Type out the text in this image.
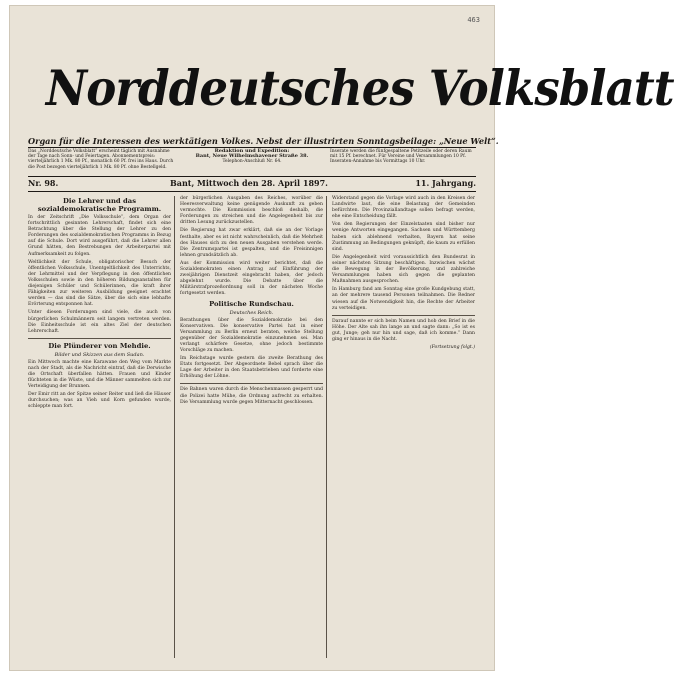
463
Norddeutsches Volksblatt
Organ für die Interessen des werktätigen Volkes. Nebst der illustrirten Sonntagsbeilage: „Neue Welt“.
Das „Norddeutsche Volksblatt“ erscheint täglich mit Ausnahme der Tage nach Sonn- und Feiertagen. Abonnementspreis: vierteljährlich 1 Mk. 80 Pf., monatlich 60 Pf. frei ins Haus. Durch die Post bezogen vierteljährlich 1 Mk. 80 Pf. ohne Bestellgeld.
Redaktion und Expedition:
Bant, Neue Wilhelmshavener Straße 38.
Telephon-Anschluß Nr. 64.
Inserate werden die fünfgespaltene Petitzeile oder deren Raum mit 15 Pf. berechnet. Für Vereine und Versammlungen 10 Pf. Inseraten-Annahme bis Vormittags 10 Uhr.
Nr. 98.	Bant, Mittwoch den 28. April 1897.	11. Jahrgang.
Die Lehrer und das sozialdemokratische Programm.

In der Zeitschrift „Die Volksschule“, dem Organ der fortschrittlich gesinnten Lehrerschaft, findet sich eine Betrachtung über die Stellung der Lehrer zu den Forderungen des sozialdemokratischen Programms in Bezug auf die Schule. Dort wird ausgeführt, daß die Lehrer allen Grund hätten, den Bestrebungen der Arbeiterpartei mit Aufmerksamkeit zu folgen.

Weltlichkeit der Schule, obligatorischer Besuch der öffentlichen Volksschule, Unentgeltlichkeit des Unterrichts, der Lehrmittel und der Verpflegung in den öffentlichen Volksschulen sowie in den höheren Bildungsanstalten für diejenigen Schüler und Schülerinnen, die kraft ihrer Fähigkeiten zur weiteren Ausbildung geeignet erachtet werden — das sind die Sätze, über die sich eine lebhafte Erörterung entsponnen hat.

Unter diesen Forderungen sind viele, die auch von bürgerlichen Schulmännern seit langem vertreten werden. Die Einheitsschule ist ein altes Ziel der deutschen Lehrerschaft.

Die Plünderer von Mehdie.
Bilder und Skizzen aus dem Sudan.

Ein Mittwoch machte eine Karawane den Weg vom Markte nach der Stadt, als die Nachricht eintraf, daß die Derwische die Ortschaft überfallen hätten. Frauen und Kinder flüchteten in die Wüste, und die Männer sammelten sich zur Verteidigung der Brunnen.

Der Emir ritt an der Spitze seiner Reiter und ließ die Häuser durchsuchen; was an Vieh und Korn gefunden wurde, schleppte man fort.

der bürgerlichen Ausgaben des Reiches, worüber die Heeresverwaltung keine genügende Auskunft zu geben vermochte. Die Kommission beschloß deshalb, die Forderungen zu streichen und die Angelegenheit bis zur dritten Lesung zurückzustellen.

Die Regierung hat zwar erklärt, daß sie an der Vorlage festhalte, aber es ist nicht wahrscheinlich, daß die Mehrheit des Hauses sich zu den neuen Ausgaben verstehen werde. Die Zentrumspartei ist gespalten, und die Freisinnigen lehnen grundsätzlich ab.

Aus der Kommission wird weiter berichtet, daß die Sozialdemokraten einen Antrag auf Einführung der zweijährigen Dienstzeit eingebracht haben, der jedoch abgelehnt wurde. Die Debatte über die Militärstrafprozeßordnung soll in der nächsten Woche fortgesetzt werden.

Politische Rundschau.
Deutsches Reich.

Berathungen über die Sozialdemokratie bei den Konservativen. Die konservative Partei hat in einer Versammlung zu Berlin erneut beraten, welche Stellung gegenüber der Sozialdemokratie einzunehmen sei. Man verlangt schärfere Gesetze, ohne jedoch bestimmte Vorschläge zu machen.

Im Reichstage wurde gestern die zweite Berathung des Etats fortgesetzt. Der Abgeordnete Bebel sprach über die Lage der Arbeiter in den Staatsbetrieben und forderte eine Erhöhung der Löhne.

Die Bahnen waren durch die Menschenmassen gesperrt und die Polizei hatte Mühe, die Ordnung aufrecht zu erhalten. Die Versammlung wurde gegen Mitternacht geschlossen.

Widerstand gegen die Vorlage wird auch in den Kreisen der Landwirte laut, die eine Belastung der Gemeinden befürchten. Die Provinziallandtage sollen befragt werden, ehe eine Entscheidung fällt.

Von den Regierungen der Einzelstaaten sind bisher nur wenige Antworten eingegangen. Sachsen und Württemberg haben sich ablehnend verhalten, Bayern hat seine Zustimmung an Bedingungen geknüpft, die kaum zu erfüllen sind.

Die Angelegenheit wird voraussichtlich den Bundesrat in seiner nächsten Sitzung beschäftigen. Inzwischen wächst die Bewegung in der Bevölkerung, und zahlreiche Versammlungen haben sich gegen die geplanten Maßnahmen ausgesprochen.

In Hamburg fand am Sonntag eine große Kundgebung statt, an der mehrere tausend Personen teilnahmen. Die Redner wiesen auf die Notwendigkeit hin, die Rechte der Arbeiter zu verteidigen.

Darauf nannte er sich beim Namen und hob den Brief in die Höhe. Der Alte sah ihn lange an und sagte dann: „So ist es gut, Junge; geh nur hin und sage, daß ich komme.“ Dann ging er hinaus in die Nacht.

(Fortsetzung folgt.)
